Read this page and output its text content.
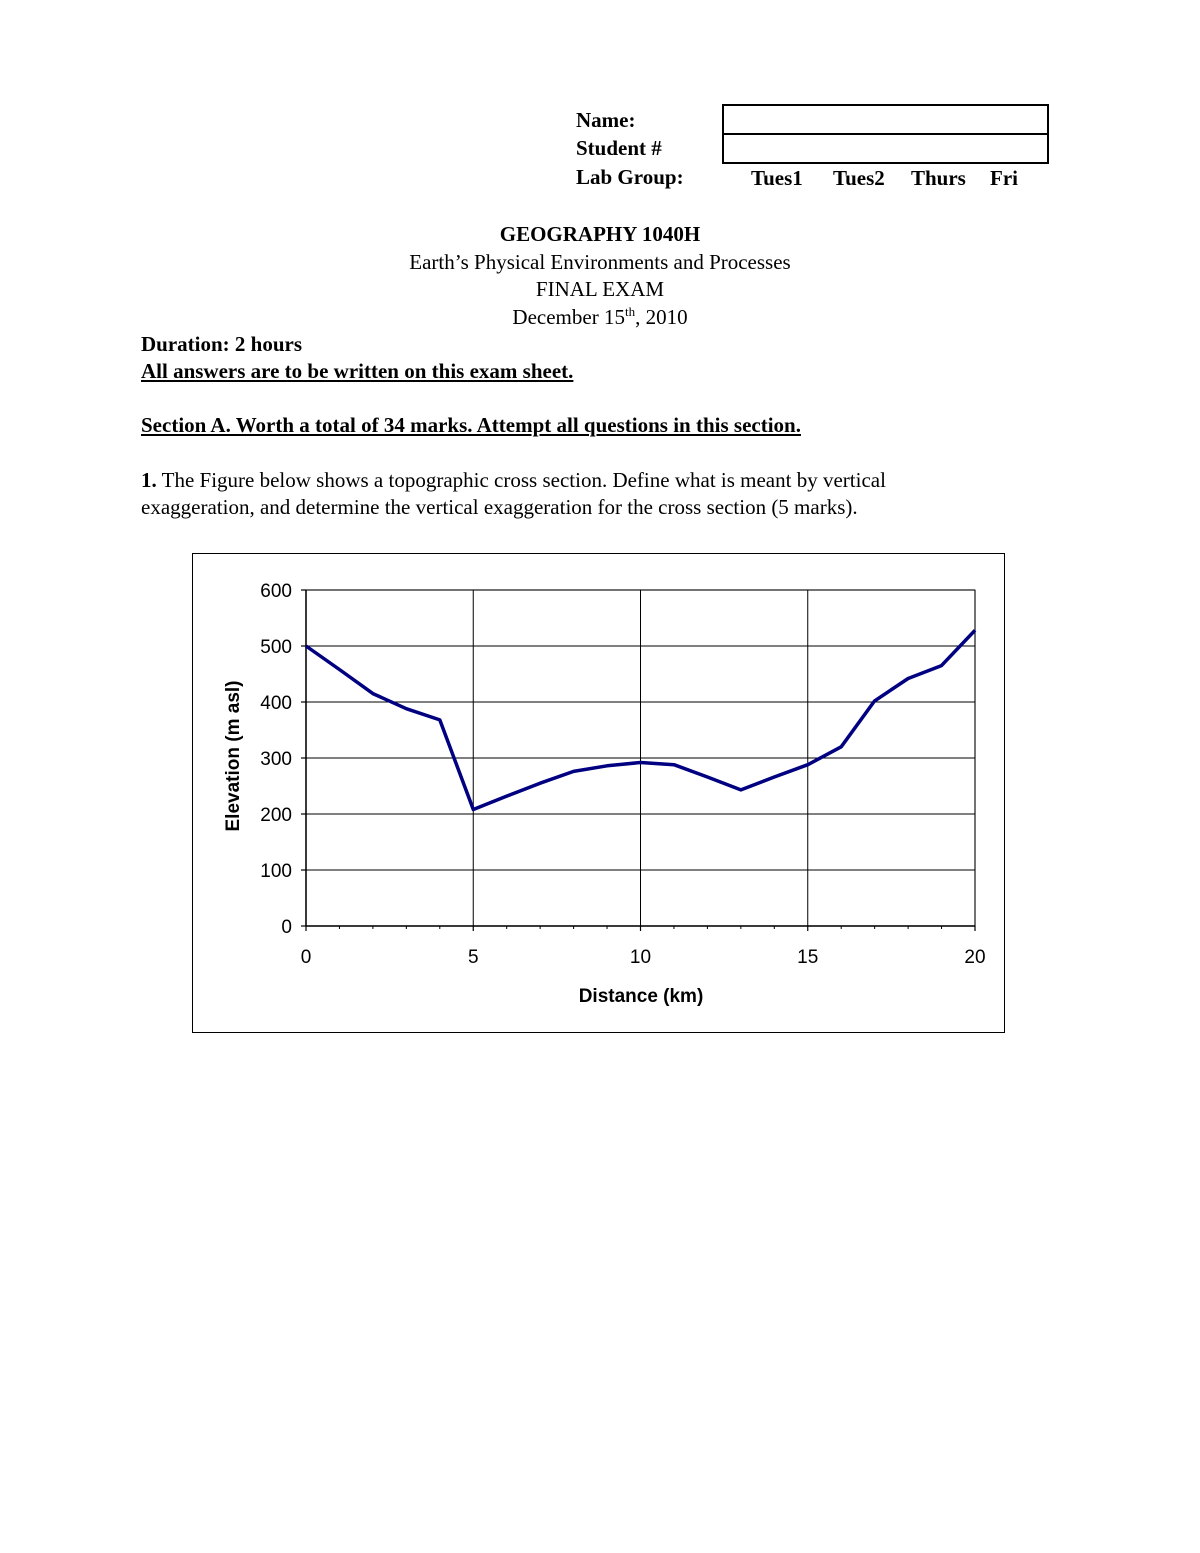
Name:
Student #
Lab Group:	Tues1 Tues2 Thurs Fri
GEOGRAPHY 1040H
Earth’s Physical Environments and Processes
FINAL EXAM
December 15th, 2010
Duration: 2 hours
All answers are to be written on this exam sheet.
Section A. Worth a total of 34 marks. Attempt all questions in this section.
1. The Figure below shows a topographic cross section. Define what is meant by vertical exaggeration, and determine the vertical exaggeration for the cross section (5 marks).
0
100
200
300
400
500
600
0	5	10	15	20
Distance (km)
Elevation (m asl)
